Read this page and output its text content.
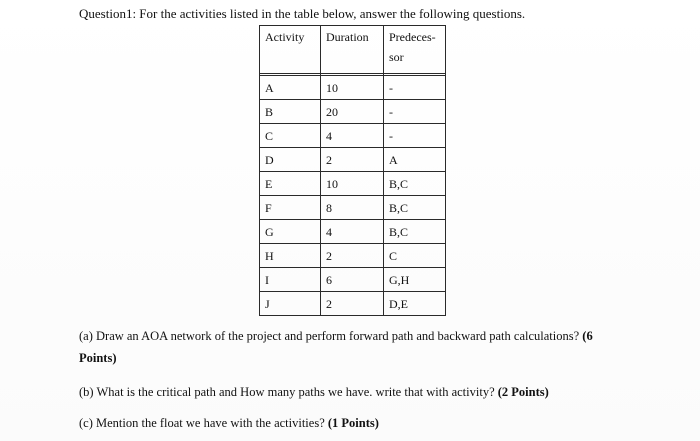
Question1: For the activities listed in the table below, answer the following questions.
Activity	Duration	Predeces-
		sor

A	10	-
B	20	-
C	4	-
D	2	A
E	10	B,C
F	8	B,C
G	4	B,C
H	2	C
I	6	G,H
J	2	D,E
(a) Draw an AOA network of the project and perform forward path and backward path calculations? (6
Points)
(b) What is the critical path and How many paths we have. write that with activity? (2 Points)
(c) Mention the float we have with the activities? (1 Points)
